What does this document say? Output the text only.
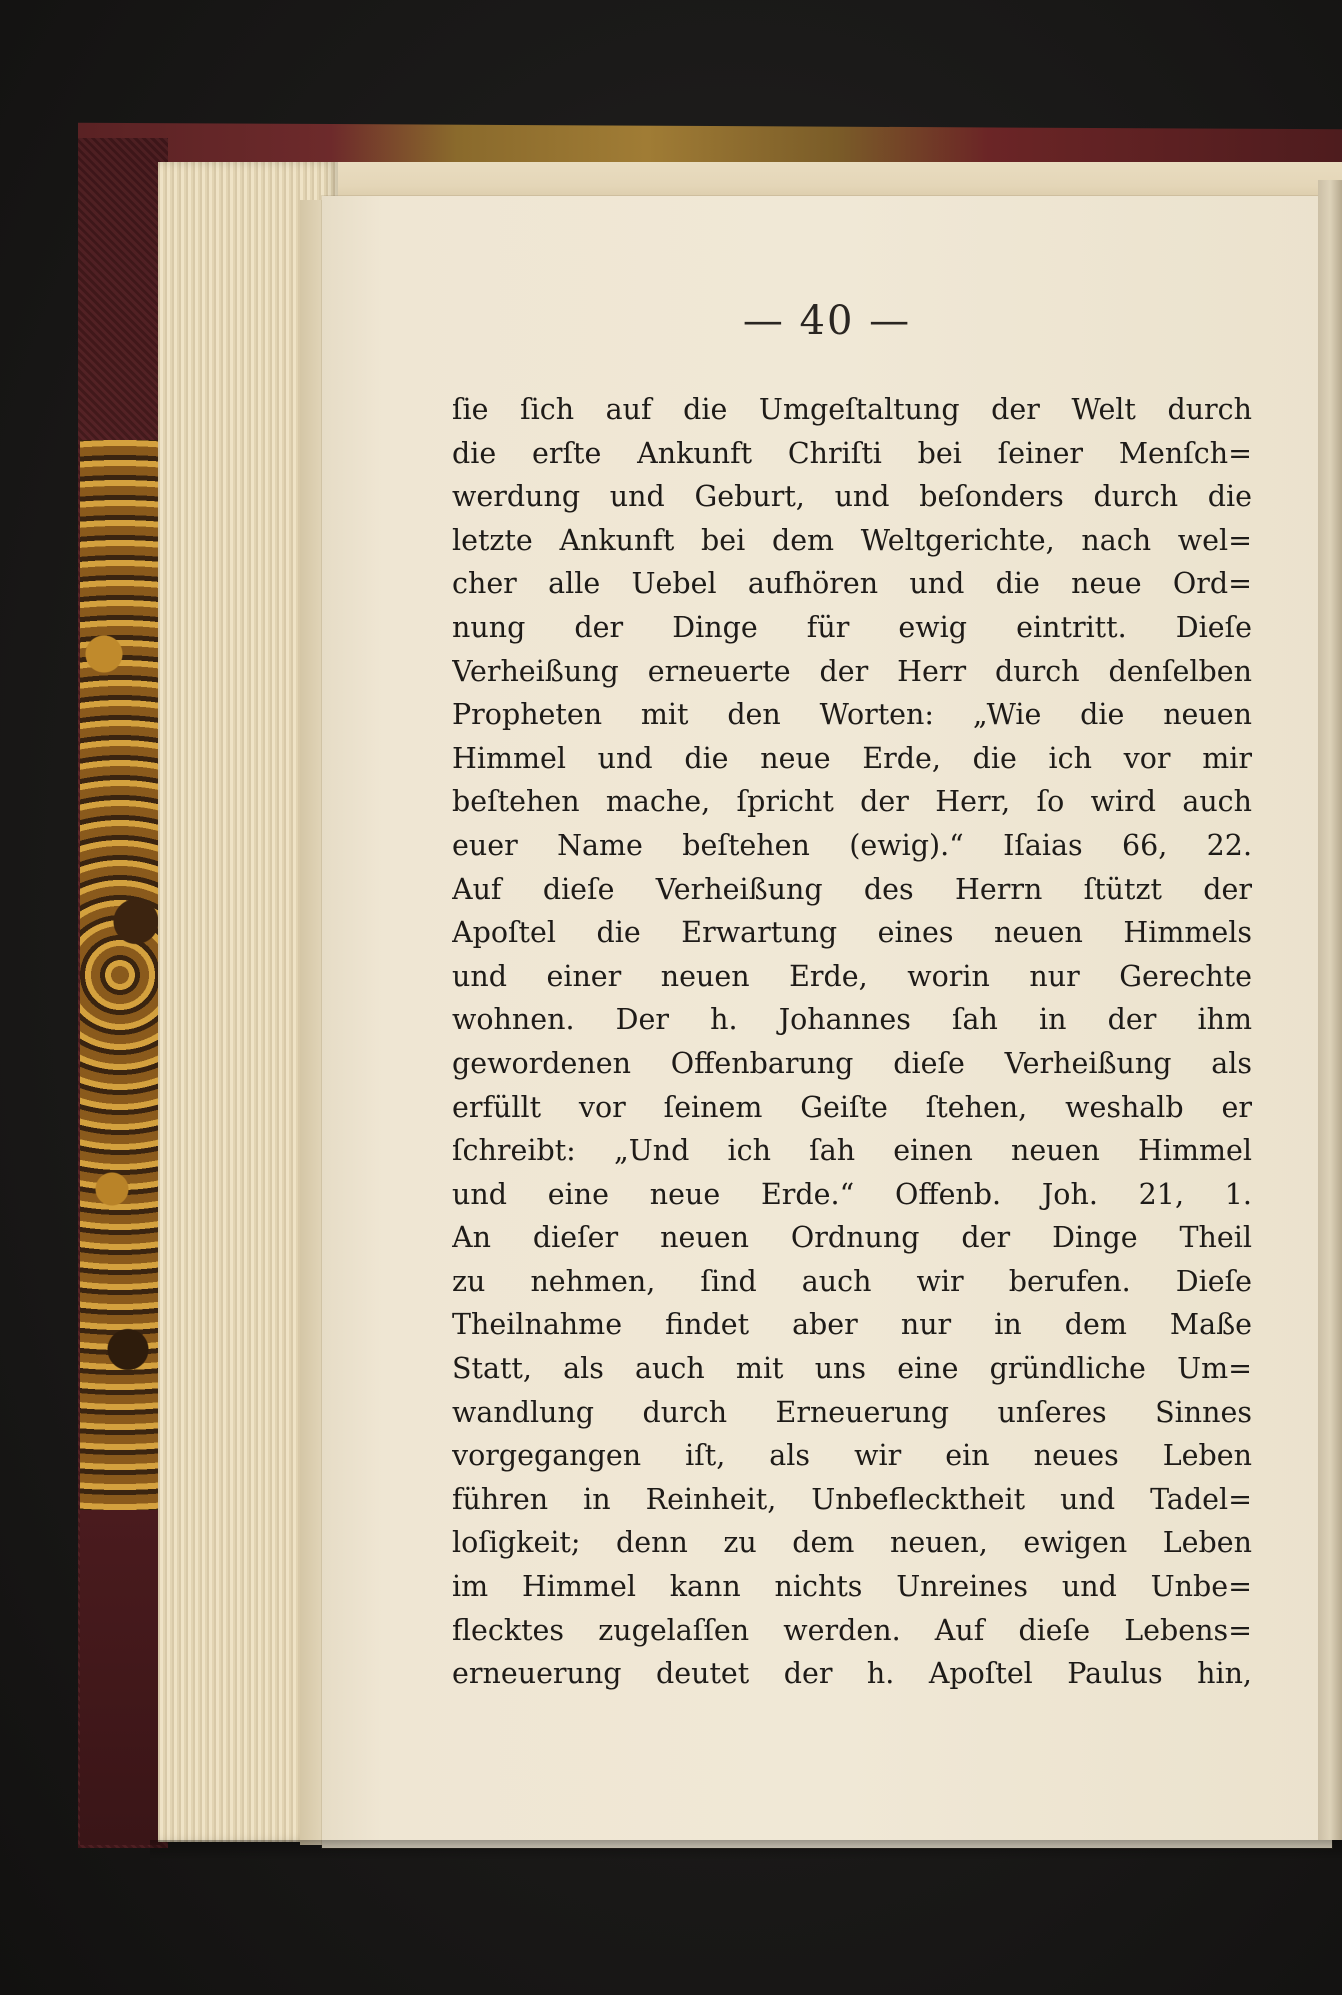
— 40 —
ſie ſich auf die Umgeſtaltung der Welt durch
die erſte Ankunft Chriſti bei ſeiner Menſch=
werdung und Geburt, und beſonders durch die
letzte Ankunft bei dem Weltgerichte, nach wel=
cher alle Uebel aufhören und die neue Ord=
nung der Dinge für ewig eintritt. Dieſe
Verheißung erneuerte der Herr durch denſelben
Propheten mit den Worten: „Wie die neuen
Himmel und die neue Erde, die ich vor mir
beſtehen mache, ſpricht der Herr, ſo wird auch
euer Name beſtehen (ewig).“ Iſaias 66, 22.
Auf dieſe Verheißung des Herrn ſtützt der
Apoſtel die Erwartung eines neuen Himmels
und einer neuen Erde, worin nur Gerechte
wohnen. Der h. Johannes ſah in der ihm
gewordenen Offenbarung dieſe Verheißung als
erfüllt vor ſeinem Geiſte ſtehen, weshalb er
ſchreibt: „Und ich ſah einen neuen Himmel
und eine neue Erde.“ Offenb. Joh. 21, 1.
An dieſer neuen Ordnung der Dinge Theil
zu nehmen, ſind auch wir berufen. Dieſe
Theilnahme findet aber nur in dem Maße
Statt, als auch mit uns eine gründliche Um=
wandlung durch Erneuerung unſeres Sinnes
vorgegangen iſt, als wir ein neues Leben
führen in Reinheit, Unbeflecktheit und Tadel=
loſigkeit; denn zu dem neuen, ewigen Leben
im Himmel kann nichts Unreines und Unbe=
flecktes zugelaſſen werden. Auf dieſe Lebens=
erneuerung deutet der h. Apoſtel Paulus hin,
